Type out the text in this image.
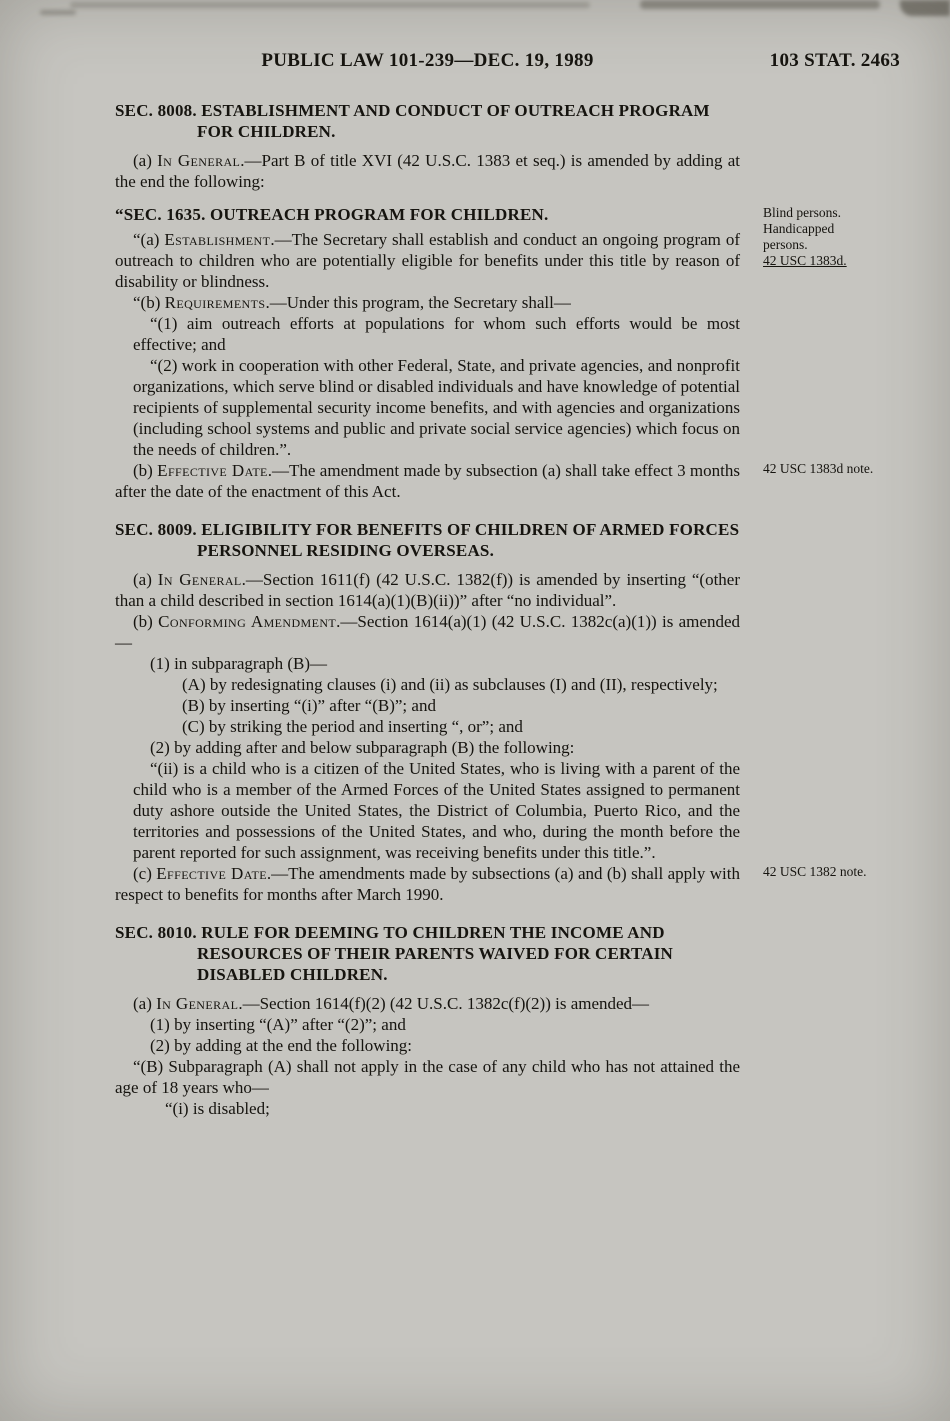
PUBLIC LAW 101-239—DEC. 19, 1989	103 STAT. 2463

SEC. 8008. ESTABLISHMENT AND CONDUCT OF OUTREACH PROGRAM FOR CHILDREN.

(a) In General.—Part B of title XVI (42 U.S.C. 1383 et seq.) is amended by adding at the end the following:

“SEC. 1635. OUTREACH PROGRAM FOR CHILDREN.	Blind persons.
Handicapped persons.
42 USC 1383d.

“(a) Establishment.—The Secretary shall establish and conduct an ongoing program of outreach to children who are potentially eligible for benefits under this title by reason of disability or blindness.

“(b) Requirements.—Under this program, the Secretary shall—

“(1) aim outreach efforts at populations for whom such efforts would be most effective; and

“(2) work in cooperation with other Federal, State, and private agencies, and nonprofit organizations, which serve blind or disabled individuals and have knowledge of potential recipients of supplemental security income benefits, and with agencies and organizations (including school systems and public and private social service agencies) which focus on the needs of children.”.

(b) Effective Date.—The amendment made by subsection (a) shall take effect 3 months after the date of the enactment of this Act.

42 USC 1383d note.

SEC. 8009. ELIGIBILITY FOR BENEFITS OF CHILDREN OF ARMED FORCES PERSONNEL RESIDING OVERSEAS.

(a) In General.—Section 1611(f) (42 U.S.C. 1382(f)) is amended by inserting “(other than a child described in section 1614(a)(1)(B)(ii))” after “no individual”.

(b) Conforming Amendment.—Section 1614(a)(1) (42 U.S.C. 1382c(a)(1)) is amended—

(1) in subparagraph (B)—

(A) by redesignating clauses (i) and (ii) as subclauses (I) and (II), respectively;

(B) by inserting “(i)” after “(B)”; and

(C) by striking the period and inserting “, or”; and

(2) by adding after and below subparagraph (B) the following:

“(ii) is a child who is a citizen of the United States, who is living with a parent of the child who is a member of the Armed Forces of the United States assigned to permanent duty ashore outside the United States, the District of Columbia, Puerto Rico, and the territories and possessions of the United States, and who, during the month before the parent reported for such assignment, was receiving benefits under this title.”.

(c) Effective Date.—The amendments made by subsections (a) and (b) shall apply with respect to benefits for months after March 1990.

42 USC 1382 note.

SEC. 8010. RULE FOR DEEMING TO CHILDREN THE INCOME AND RESOURCES OF THEIR PARENTS WAIVED FOR CERTAIN DISABLED CHILDREN.

(a) In General.—Section 1614(f)(2) (42 U.S.C. 1382c(f)(2)) is amended—

(1) by inserting “(A)” after “(2)”; and

(2) by adding at the end the following:

“(B) Subparagraph (A) shall not apply in the case of any child who has not attained the age of 18 years who—

“(i) is disabled;
